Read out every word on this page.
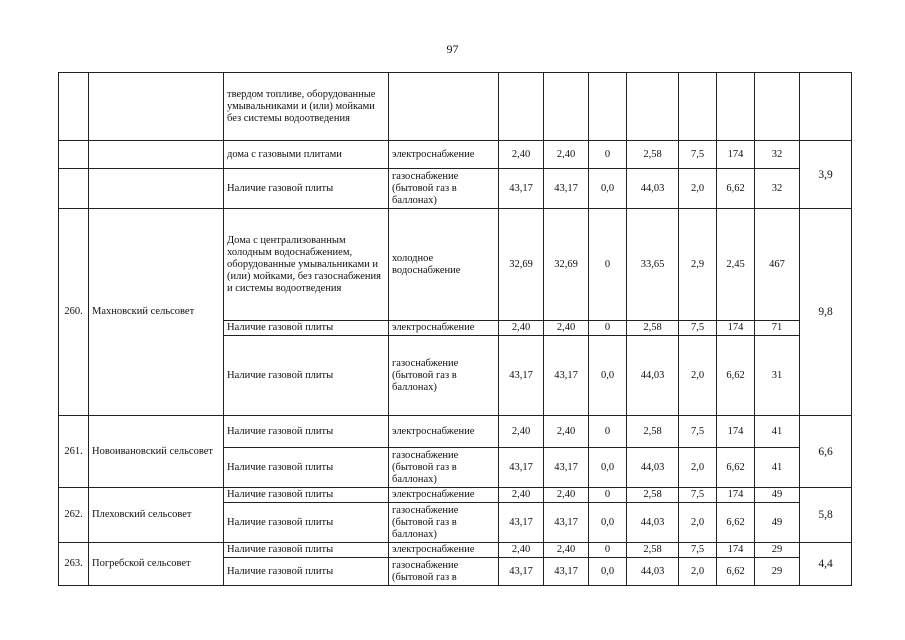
97
		твердом топливе, оборудованные умывальниками и (или) мойками без системы водоотведения									
		дома с газовыми плитами	электроснабжение	2,40	2,40	0	2,58	7,5	174	32	3,9
		Наличие газовой плиты	газоснабжение (бытовой газ в баллонах)	43,17	43,17	0,0	44,03	2,0	6,62	32	
260.	Махновский сельсовет	Дома с централизованным холодным водоснабжением, оборудованные умывальниками и (или) мойками, без газоснабжения и системы водоотведения	холодное водоснабжение	32,69	32,69	0	33,65	2,9	2,45	467	9,8
		Наличие газовой плиты	электроснабжение	2,40	2,40	0	2,58	7,5	174	71	
		Наличие газовой плиты	газоснабжение (бытовой газ в баллонах)	43,17	43,17	0,0	44,03	2,0	6,62	31	
261.	Новоивановский сельсовет	Наличие газовой плиты	электроснабжение	2,40	2,40	0	2,58	7,5	174	41	6,6
		Наличие газовой плиты	газоснабжение (бытовой газ в баллонах)	43,17	43,17	0,0	44,03	2,0	6,62	41	
262.	Плеховский сельсовет	Наличие газовой плиты	электроснабжение	2,40	2,40	0	2,58	7,5	174	49	5,8
		Наличие газовой плиты	газоснабжение (бытовой газ в баллонах)	43,17	43,17	0,0	44,03	2,0	6,62	49	
263.	Погребской сельсовет	Наличие газовой плиты	электроснабжение	2,40	2,40	0	2,58	7,5	174	29	4,4
		Наличие газовой плиты	газоснабжение (бытовой газ в	43,17	43,17	0,0	44,03	2,0	6,62	29	
